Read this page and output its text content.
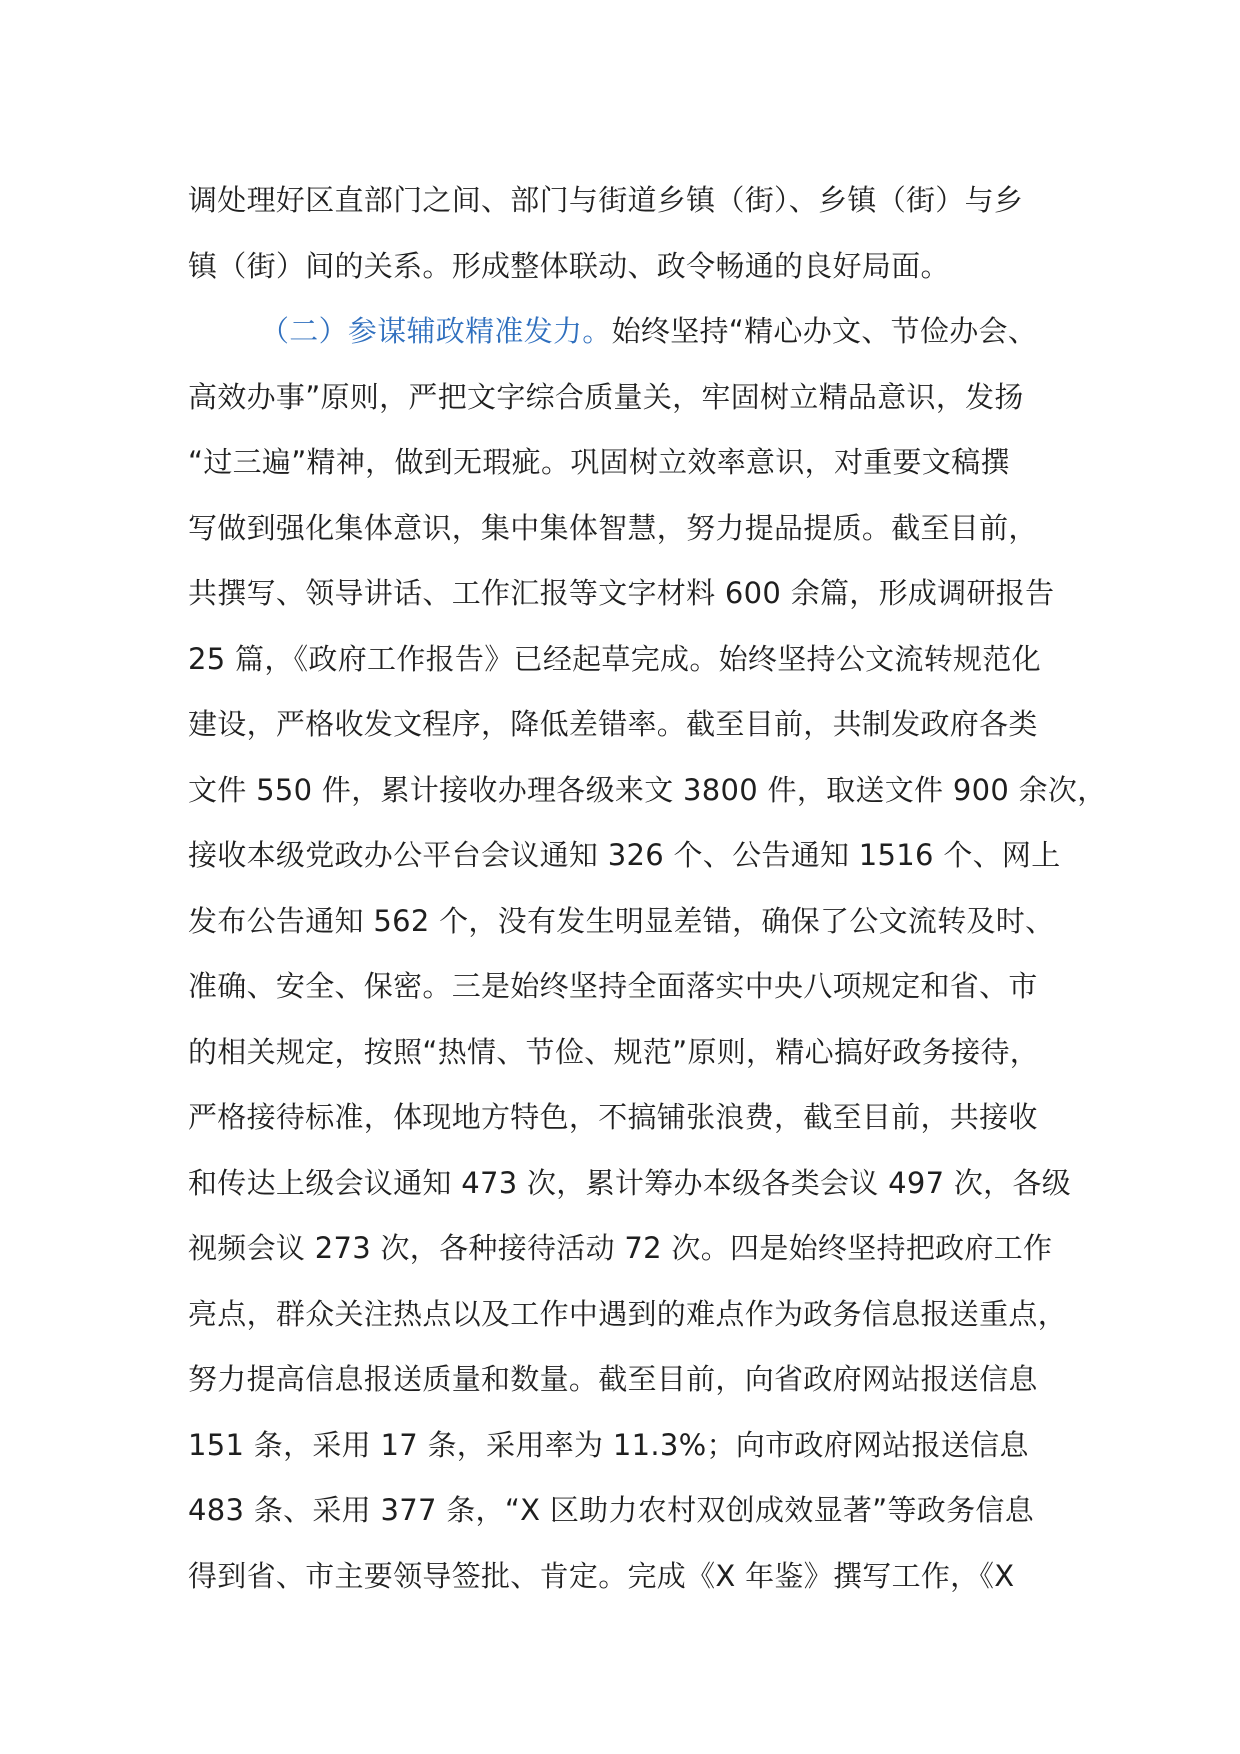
调处理好区直部门之间、部门与街道乡镇（街）、乡镇（街）与乡
镇（街）间的关系。形成整体联动、政令畅通的良好局面。
（二）参谋辅政精准发力。始终坚持“精心办文、节俭办会、
高效办事”原则，严把文字综合质量关，牢固树立精品意识，发扬
“过三遍”精神，做到无瑕疵。巩固树立效率意识，对重要文稿撰
写做到强化集体意识，集中集体智慧，努力提品提质。截至目前，
共撰写、领导讲话、工作汇报等文字材料 600 余篇，形成调研报告
25 篇，《政府工作报告》已经起草完成。始终坚持公文流转规范化
建设，严格收发文程序，降低差错率。截至目前，共制发政府各类
文件 550 件，累计接收办理各级来文 3800 件，取送文件 900 余次，
接收本级党政办公平台会议通知 326 个、公告通知 1516 个、网上
发布公告通知 562 个，没有发生明显差错，确保了公文流转及时、
准确、安全、保密。三是始终坚持全面落实中央八项规定和省、市
的相关规定，按照“热情、节俭、规范”原则，精心搞好政务接待，
严格接待标准，体现地方特色，不搞铺张浪费，截至目前，共接收
和传达上级会议通知 473 次，累计筹办本级各类会议 497 次，各级
视频会议 273 次，各种接待活动 72 次。四是始终坚持把政府工作
亮点，群众关注热点以及工作中遇到的难点作为政务信息报送重点，
努力提高信息报送质量和数量。截至目前，向省政府网站报送信息
151 条，采用 17 条，采用率为 11.3%；向市政府网站报送信息
483 条、采用 377 条，“X 区助力农村双创成效显著”等政务信息
得到省、市主要领导签批、肯定。完成《X 年鉴》撰写工作，《X
